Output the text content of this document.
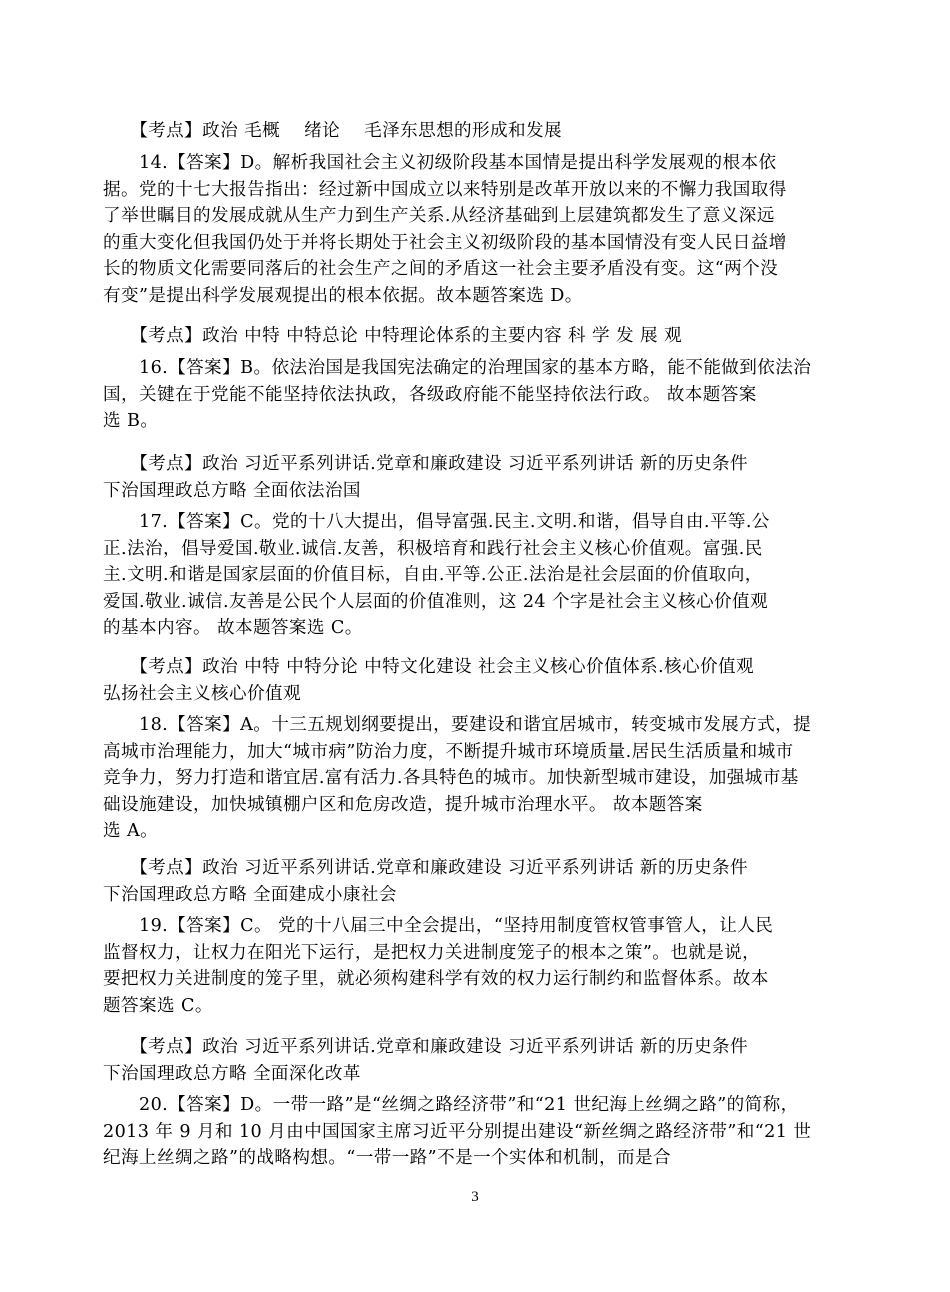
　　【考点】政治 毛概　 绪论　 毛泽东思想的形成和发展
　　14.【答案】D。解析我国社会主义初级阶段基本国情是提出科学发展观的根本依
据。党的十七大报告指出：经过新中国成立以来特别是改革开放以来的不懈力我国取得
了举世瞩目的发展成就从生产力到生产关系.从经济基础到上层建筑都发生了意义深远
的重大变化但我国仍处于并将长期处于社会主义初级阶段的基本国情没有变人民日益增
长的物质文化需要同落后的社会生产之间的矛盾这一社会主要矛盾没有变。这“两个没
有变”是提出科学发展观提出的根本依据。故本题答案选 D。
　　【考点】政治 中特 中特总论 中特理论体系的主要内容 科 学 发 展 观
　　16.【答案】B。依法治国是我国宪法确定的治理国家的基本方略，能不能做到依法治
国，关键在于党能不能坚持依法执政，各级政府能不能坚持依法行政。 故本题答案
选 B。
　　【考点】政治 习近平系列讲话.党章和廉政建设 习近平系列讲话 新的历史条件
下治国理政总方略 全面依法治国
　　17.【答案】C。党的十八大提出，倡导富强.民主.文明.和谐，倡导自由.平等.公
正.法治，倡导爱国.敬业.诚信.友善，积极培育和践行社会主义核心价值观。富强.民
主.文明.和谐是国家层面的价值目标，自由.平等.公正.法治是社会层面的价值取向，
爱国.敬业.诚信.友善是公民个人层面的价值准则，这 24 个字是社会主义核心价值观
的基本内容。 故本题答案选 C。
　　【考点】政治 中特 中特分论 中特文化建设 社会主义核心价值体系.核心价值观
弘扬社会主义核心价值观
　　18.【答案】A。十三五规划纲要提出，要建设和谐宜居城市，转变城市发展方式，提
高城市治理能力，加大“城市病”防治力度，不断提升城市环境质量.居民生活质量和城市
竞争力，努力打造和谐宜居.富有活力.各具特色的城市。加快新型城市建设，加强城市基
础设施建设，加快城镇棚户区和危房改造，提升城市治理水平。 故本题答案
选 A。
　　【考点】政治 习近平系列讲话.党章和廉政建设 习近平系列讲话 新的历史条件
下治国理政总方略 全面建成小康社会
　　19.【答案】C。 党的十八届三中全会提出，“坚持用制度管权管事管人，让人民
监督权力，让权力在阳光下运行，是把权力关进制度笼子的根本之策”。也就是说，
要把权力关进制度的笼子里，就必须构建科学有效的权力运行制约和监督体系。故本
题答案选 C。
　　【考点】政治 习近平系列讲话.党章和廉政建设 习近平系列讲话 新的历史条件
下治国理政总方略 全面深化改革
　　20.【答案】D。一带一路”是“丝绸之路经济带”和“21 世纪海上丝绸之路”的简称，
2013 年 9 月和 10 月由中国国家主席习近平分别提出建设“新丝绸之路经济带”和“21 世
纪海上丝绸之路”的战略构想。“一带一路”不是一个实体和机制，而是合
3
